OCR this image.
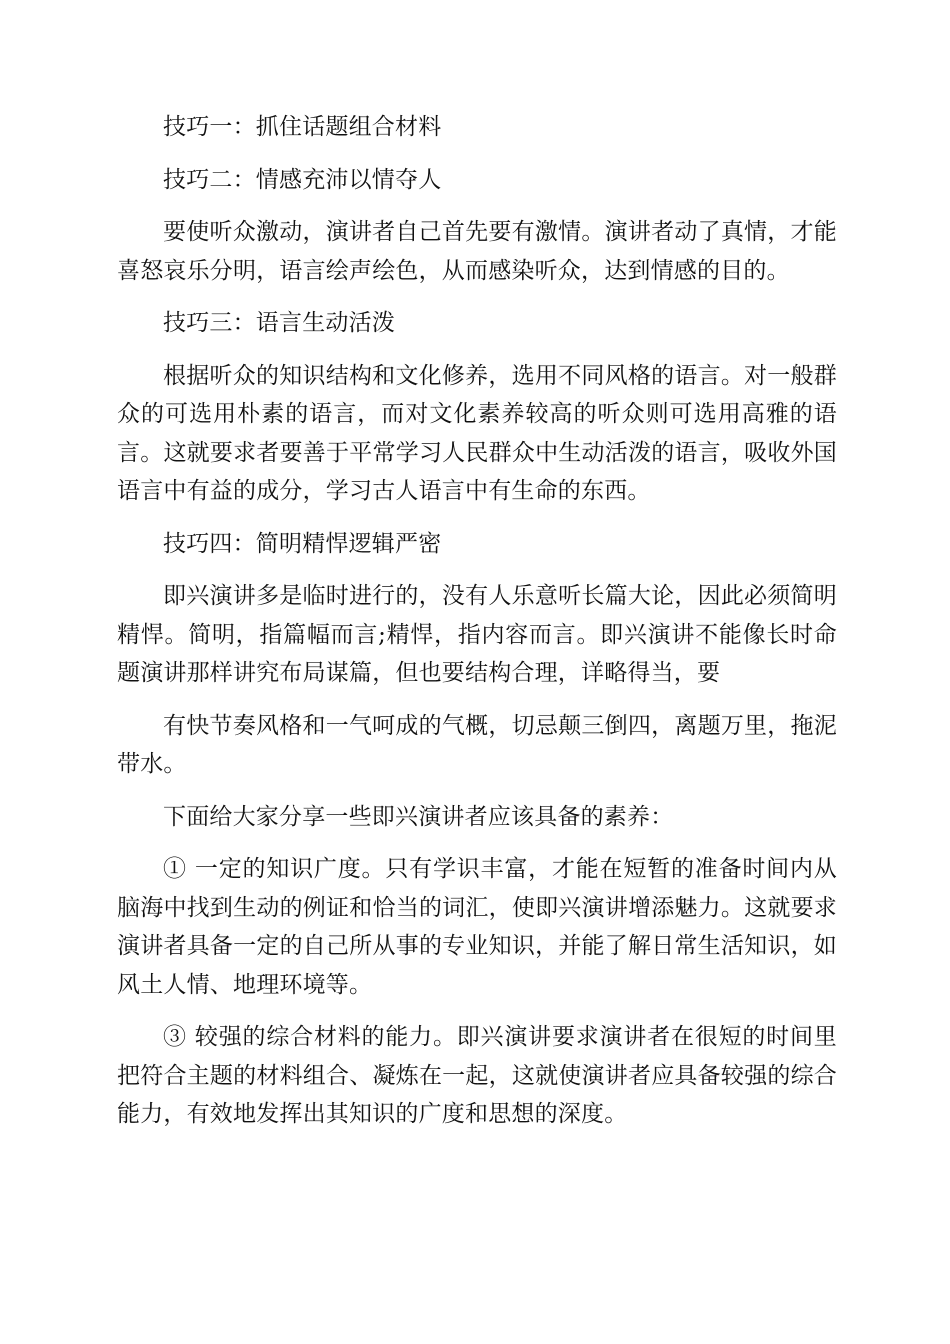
技巧一：抓住话题组合材料

技巧二：情感充沛以情夺人

要使听众激动，演讲者自己首先要有激情。演讲者动了真情，才能喜怒哀乐分明，语言绘声绘色，从而感染听众，达到情感的目的。

技巧三：语言生动活泼

根据听众的知识结构和文化修养，选用不同风格的语言。对一般群众的可选用朴素的语言，而对文化素养较高的听众则可选用高雅的语言。这就要求者要善于平常学习人民群众中生动活泼的语言，吸收外国语言中有益的成分，学习古人语言中有生命的东西。

技巧四：简明精悍逻辑严密

即兴演讲多是临时进行的，没有人乐意听长篇大论，因此必须简明精悍。简明，指篇幅而言;精悍，指内容而言。即兴演讲不能像长时命题演讲那样讲究布局谋篇，但也要结构合理，详略得当，要

有快节奏风格和一气呵成的气概，切忌颠三倒四，离题万里，拖泥带水。

下面给大家分享一些即兴演讲者应该具备的素养：

① 一定的知识广度。只有学识丰富，才能在短暂的准备时间内从脑海中找到生动的例证和恰当的词汇，使即兴演讲增添魅力。这就要求演讲者具备一定的自己所从事的专业知识，并能了解日常生活知识，如风土人情、地理环境等。

③ 较强的综合材料的能力。即兴演讲要求演讲者在很短的时间里把符合主题的材料组合、凝炼在一起，这就使演讲者应具备较强的综合能力，有效地发挥出其知识的广度和思想的深度。
